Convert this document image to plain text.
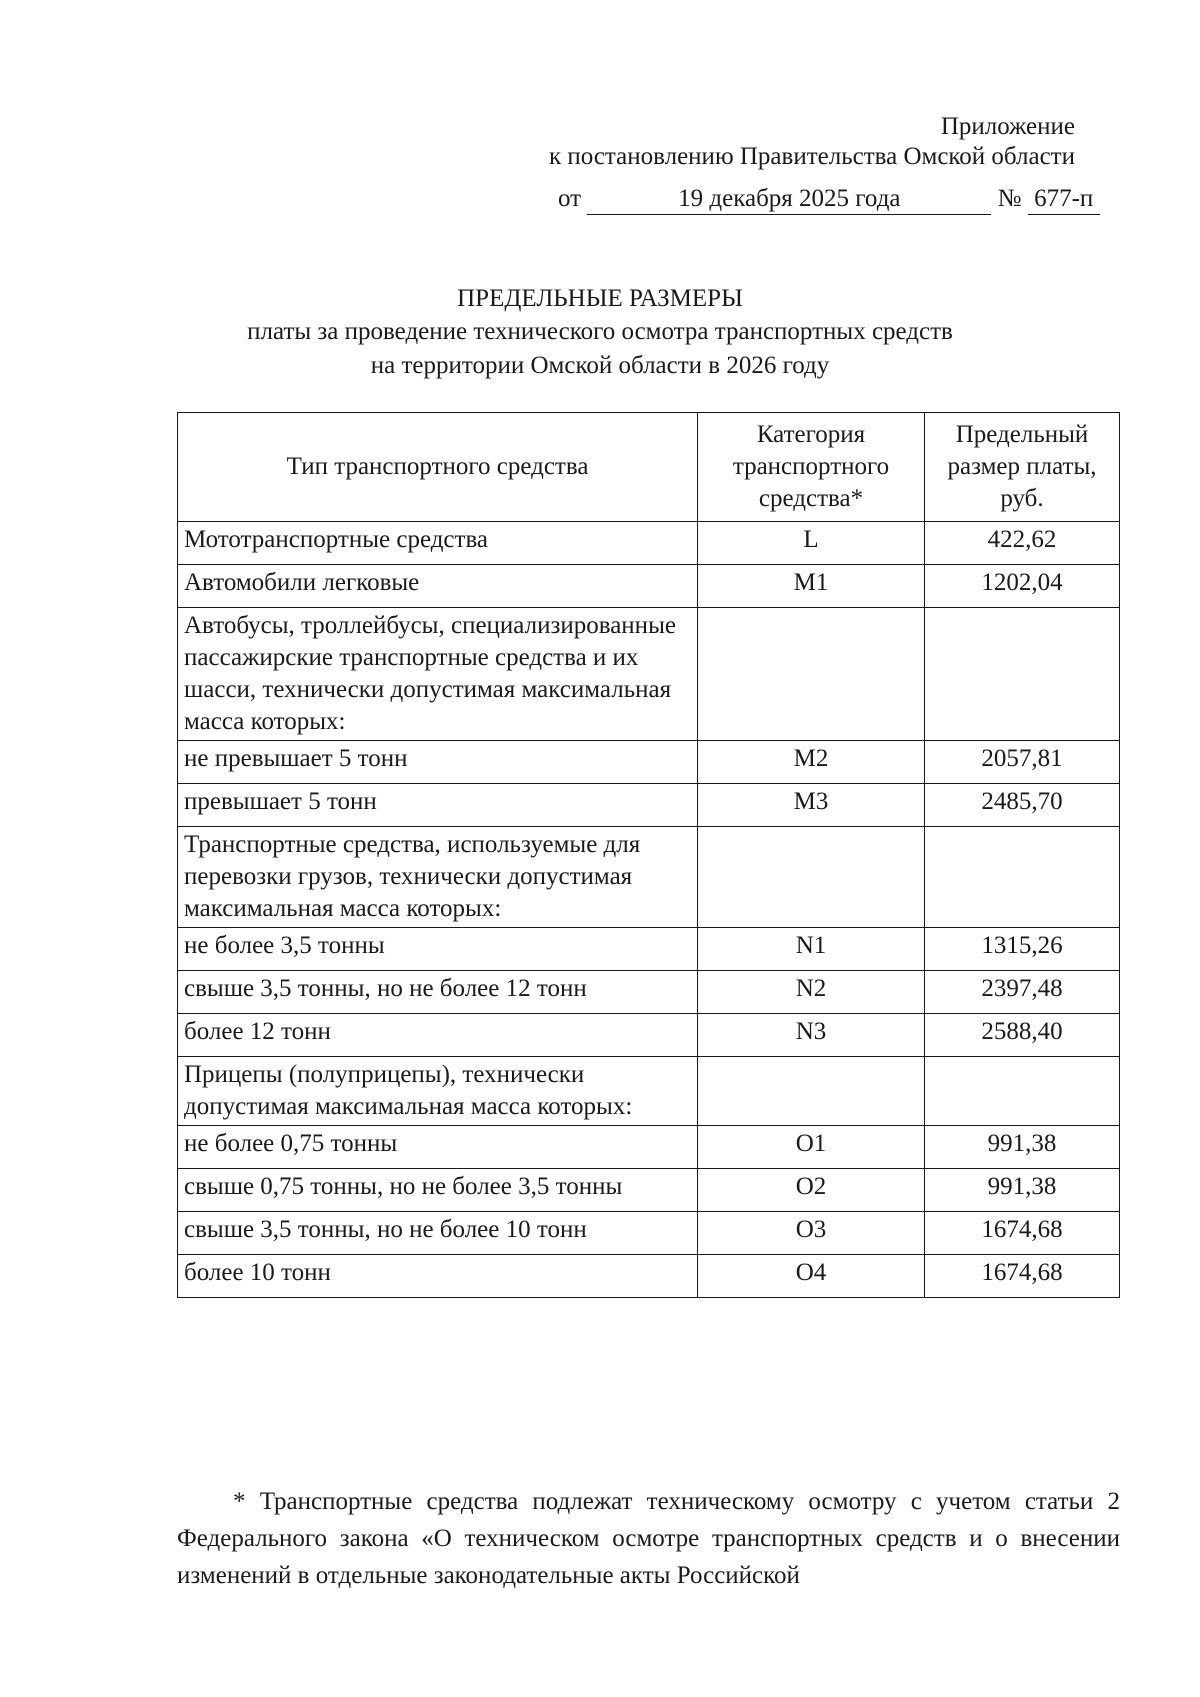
Приложение
к постановлению Правительства Омской области
от	19 декабря 2025 года	№ 677-п
ПРЕДЕЛЬНЫЕ РАЗМЕРЫ
платы за проведение технического осмотра транспортных средств
на территории Омской области в 2026 году
Тип транспортного средства	Категория транспортного средства*	Предельный размер платы, руб.
Мототранспортные средства	L	422,62
Автомобили легковые	M1	1202,04
Автобусы, троллейбусы, специализированные пассажирские транспортные средства и их шасси, технически допустимая максимальная масса которых:		
не превышает 5 тонн	M2	2057,81
превышает 5 тонн	M3	2485,70
Транспортные средства, используемые для перевозки грузов, технически допустимая максимальная масса которых:		
не более 3,5 тонны	N1	1315,26
свыше 3,5 тонны, но не более 12 тонн	N2	2397,48
более 12 тонн	N3	2588,40
Прицепы (полуприцепы), технически допустимая максимальная масса которых:		
не более 0,75 тонны	O1	991,38
свыше 0,75 тонны, но не более 3,5 тонны	O2	991,38
свыше 3,5 тонны, но не более 10 тонн	O3	1674,68
более 10 тонн	O4	1674,68
* Транспортные средства подлежат техническому осмотру с учетом статьи 2 Федерального закона «О техническом осмотре транспортных средств и о внесении изменений в отдельные законодательные акты Российской
